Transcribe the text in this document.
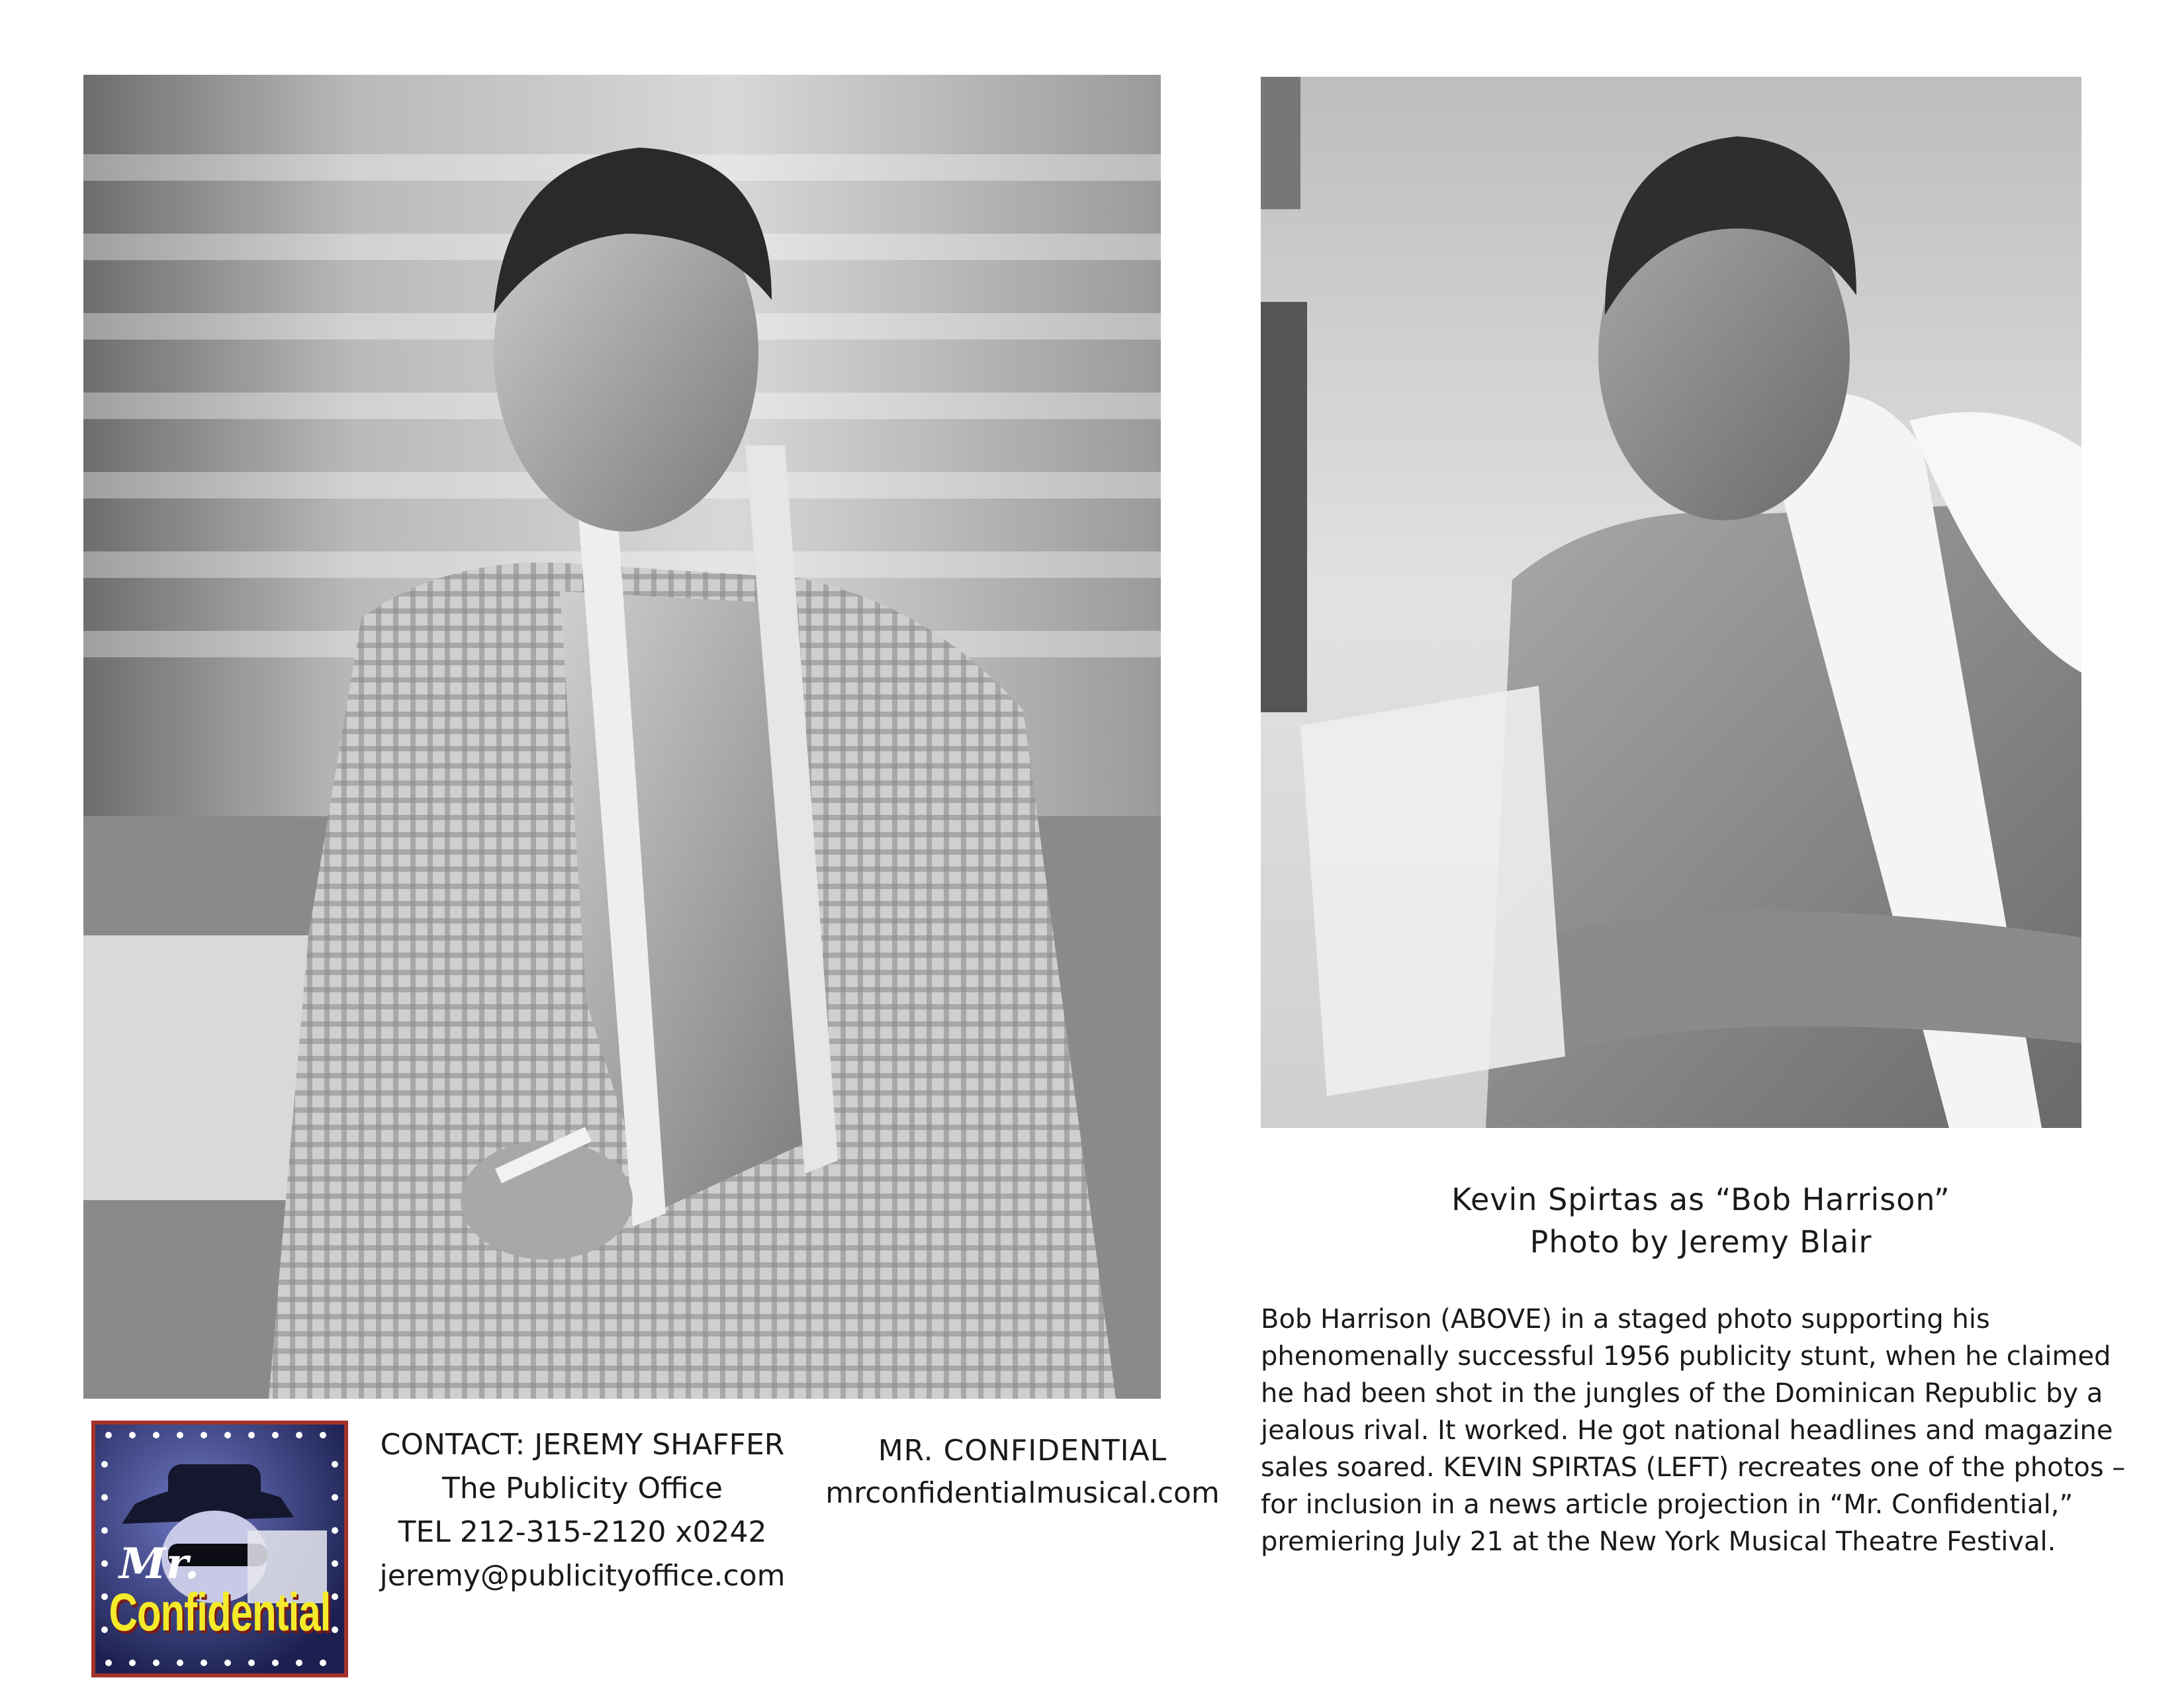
Kevin Spirtas as “Bob Harrison”
Photo by Jeremy Blair
Bob Harrison (ABOVE) in a staged photo supporting his phenomenally successful 1956 publicity stunt, when he claimed he had been shot in the jungles of the Dominican Republic by a jealous rival. It worked. He got national headlines and magazine sales soared. KEVIN SPIRTAS (LEFT) recreates one of the photos – for inclusion in a news article projection in “Mr. Confidential,” premiering July 21 at the New York Musical Theatre Festival.
Mr.
Confidential
CONTACT: JEREMY SHAFFER
The Publicity Office
TEL 212-315-2120 x0242
jeremy@publicityoffice.com
MR. CONFIDENTIAL
mrconfidentialmusical.com
